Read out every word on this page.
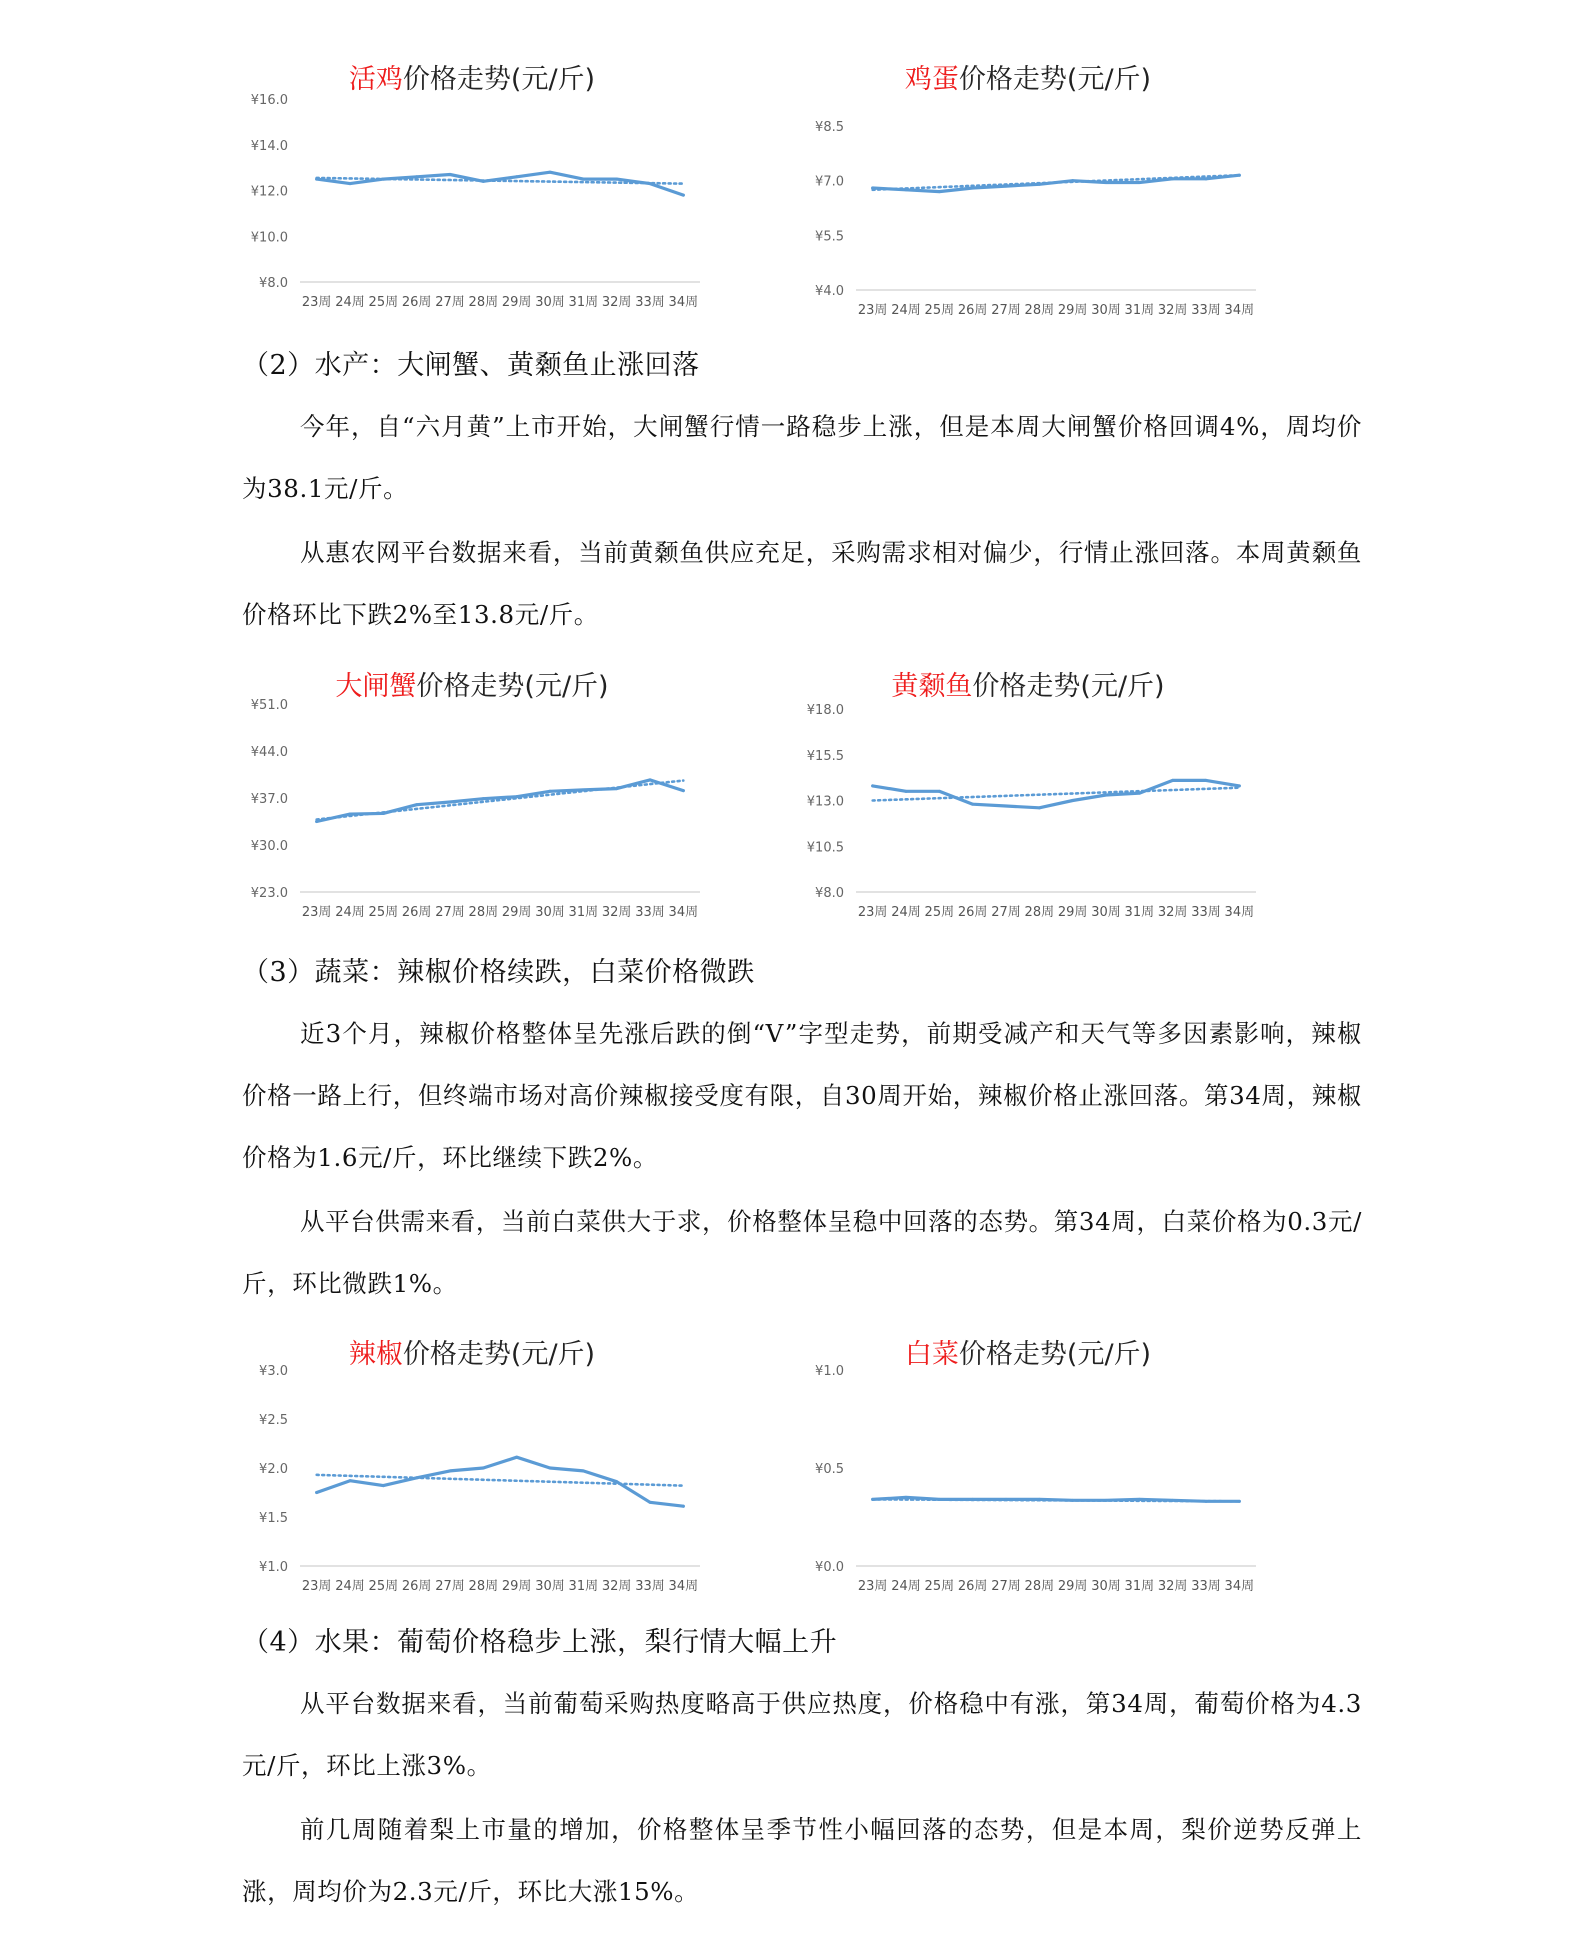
活鸡价格走势(元/斤)
¥16.0
¥14.0
¥12.0
¥10.0
¥8.0
23周 24周 25周 26周 27周 28周 29周 30周 31周 32周 33周 34周
鸡蛋价格走势(元/斤)
¥8.5
¥7.0
¥5.5
¥4.0
23周 24周 25周 26周 27周 28周 29周 30周 31周 32周 33周 34周
（2）水产：大闸蟹、黄颡鱼止涨回落

今年，自“六月黄”上市开始，大闸蟹行情一路稳步上涨，但是本周大闸蟹价格回调4%，周均价为38.1元/斤。

从惠农网平台数据来看，当前黄颡鱼供应充足，采购需求相对偏少，行情止涨回落。本周黄颡鱼价格环比下跌2%至13.8元/斤。

大闸蟹价格走势(元/斤)
¥51.0
¥44.0
¥37.0
¥30.0
¥23.0
23周 24周 25周 26周 27周 28周 29周 30周 31周 32周 33周 34周
黄颡鱼价格走势(元/斤)
¥18.0
¥15.5
¥13.0
¥10.5
¥8.0
23周 24周 25周 26周 27周 28周 29周 30周 31周 32周 33周 34周
（3）蔬菜：辣椒价格续跌，白菜价格微跌

近3个月，辣椒价格整体呈先涨后跌的倒“V”字型走势，前期受减产和天气等多因素影响，辣椒价格一路上行，但终端市场对高价辣椒接受度有限，自30周开始，辣椒价格止涨回落。第34周，辣椒价格为1.6元/斤，环比继续下跌2%。

从平台供需来看，当前白菜供大于求，价格整体呈稳中回落的态势。第34周，白菜价格为0.3元/斤，环比微跌1%。

辣椒价格走势(元/斤)
¥3.0
¥2.5
¥2.0
¥1.5
¥1.0
23周 24周 25周 26周 27周 28周 29周 30周 31周 32周 33周 34周
白菜价格走势(元/斤)
¥1.0
¥0.5
¥0.0
23周 24周 25周 26周 27周 28周 29周 30周 31周 32周 33周 34周
（4）水果：葡萄价格稳步上涨，梨行情大幅上升

从平台数据来看，当前葡萄采购热度略高于供应热度，价格稳中有涨，第34周，葡萄价格为4.3元/斤，环比上涨3%。

前几周随着梨上市量的增加，价格整体呈季节性小幅回落的态势，但是本周，梨价逆势反弹上涨，周均价为2.3元/斤，环比大涨15%。
